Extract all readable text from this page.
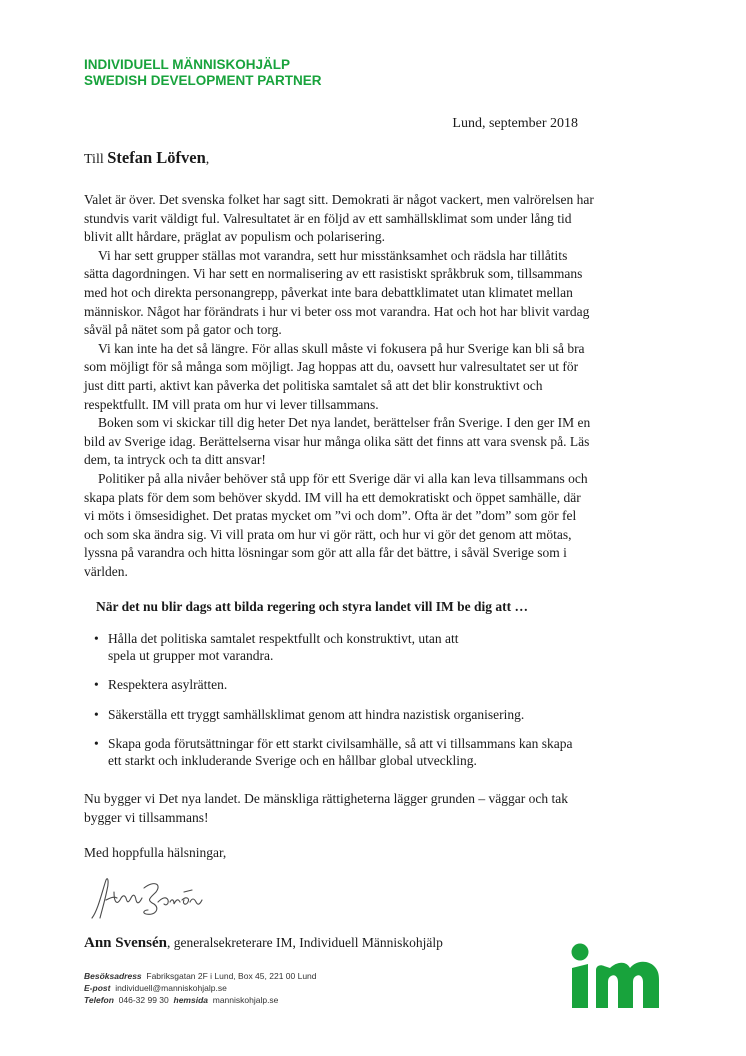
INDIVIDUELL MÄNNISKOHJÄLP
SWEDISH DEVELOPMENT PARTNER
Lund, september 2018
Till Stefan Löfven,

Valet är över. Det svenska folket har sagt sitt. Demokrati är något vackert, men valrörelsen har stundvis varit väldigt ful. Valresultatet är en följd av ett samhällsklimat som under lång tid blivit allt hårdare, präglat av populism och polarisering.

Vi har sett grupper ställas mot varandra, sett hur misstänksamhet och rädsla har tillåtits sätta dagordningen. Vi har sett en normalisering av ett rasistiskt språkbruk som, tillsammans med hot och direkta personangrepp, påverkat inte bara debattklimatet utan klimatet mellan människor. Något har förändrats i hur vi beter oss mot varandra. Hat och hot har blivit vardag såväl på nätet som på gator och torg.

Vi kan inte ha det så längre. För allas skull måste vi fokusera på hur Sverige kan bli så bra som möjligt för så många som möjligt. Jag hoppas att du, oavsett hur valresultatet ser ut för just ditt parti, aktivt kan påverka det politiska samtalet så att det blir konstruktivt och respektfullt. IM vill prata om hur vi lever tillsammans.

Boken som vi skickar till dig heter Det nya landet, berättelser från Sverige. I den ger IM en bild av Sverige idag. Berättelserna visar hur många olika sätt det finns att vara svensk på. Läs dem, ta intryck och ta ditt ansvar!

Politiker på alla nivåer behöver stå upp för ett Sverige där vi alla kan leva tillsammans och skapa plats för dem som behöver skydd. IM vill ha ett demokratiskt och öppet samhälle, där vi möts i ömsesidighet. Det pratas mycket om ”vi och dom”. Ofta är det ”dom” som gör fel och som ska ändra sig. Vi vill prata om hur vi gör rätt, och hur vi gör det genom att mötas, lyssna på varandra och hitta lösningar som gör att alla får det bättre, i såväl Sverige som i världen.

När det nu blir dags att bilda regering och styra landet vill IM be dig att …
• Hålla det politiska samtalet respektfullt och konstruktivt, utan att spela ut grupper mot varandra.
• Respektera asylrätten.
• Säkerställa ett tryggt samhällsklimat genom att hindra nazistisk organisering.
• Skapa goda förutsättningar för ett starkt civilsamhälle, så att vi tillsammans kan skapa ett starkt och inkluderande Sverige och en hållbar global utveckling.

Nu bygger vi Det nya landet. De mänskliga rättigheterna lägger grunden – väggar och tak bygger vi tillsammans!

Med hoppfulla hälsningar,
Ann Svensén, generalsekreterare IM, Individuell Människohjälp
Besöksadress Fabriksgatan 2F i Lund, Box 45, 221 00 Lund
E-post individuell@manniskohjalp.se
Telefon 046-32 99 30 hemsida manniskohjalp.se
